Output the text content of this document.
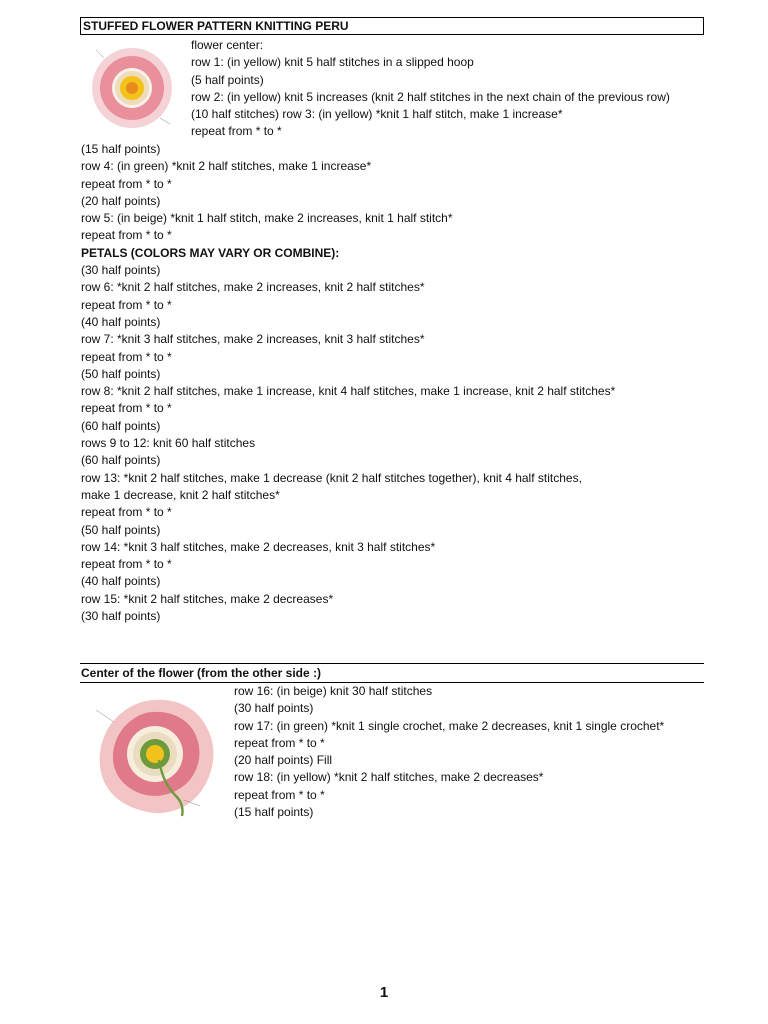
STUFFED FLOWER PATTERN KNITTING PERU
flower center:
row 1: (in yellow) knit 5 half stitches in a slipped hoop
(5 half points)
row 2: (in yellow) knit 5 increases (knit 2 half stitches in the next chain of the previous row)
(10 half stitches) row 3: (in yellow) *knit 1 half stitch, make 1 increase*
repeat from * to *
(15 half points)
row 4: (in green) *knit 2 half stitches, make 1 increase*
repeat from * to *
(20 half points)
row 5: (in beige) *knit 1 half stitch, make 2 increases, knit 1 half stitch*
repeat from * to *
PETALS (COLORS MAY VARY OR COMBINE):
(30 half points)
row 6: *knit 2 half stitches, make 2 increases, knit 2 half stitches*
repeat from * to *
(40 half points)
row 7: *knit 3 half stitches, make 2 increases, knit 3 half stitches*
repeat from * to *
(50 half points)
row 8: *knit 2 half stitches, make 1 increase, knit 4 half stitches, make 1 increase, knit 2 half stitches*
repeat from * to *
(60 half points)
rows 9 to 12: knit 60 half stitches
(60 half points)
row 13: *knit 2 half stitches, make 1 decrease (knit 2 half stitches together), knit 4 half stitches,
make 1 decrease, knit 2 half stitches*
repeat from * to *
(50 half points)
row 14: *knit 3 half stitches, make 2 decreases, knit 3 half stitches*
repeat from * to *
(40 half points)
row 15: *knit 2 half stitches, make 2 decreases*
(30 half points)
Center of the flower (from the other side :)
row 16: (in beige) knit 30 half stitches
(30 half points)
row 17: (in green) *knit 1 single crochet, make 2 decreases, knit 1 single crochet*
repeat from * to *
(20 half points) Fill
row 18: (in yellow) *knit 2 half stitches, make 2 decreases*
repeat from * to *
(15 half points)
1
